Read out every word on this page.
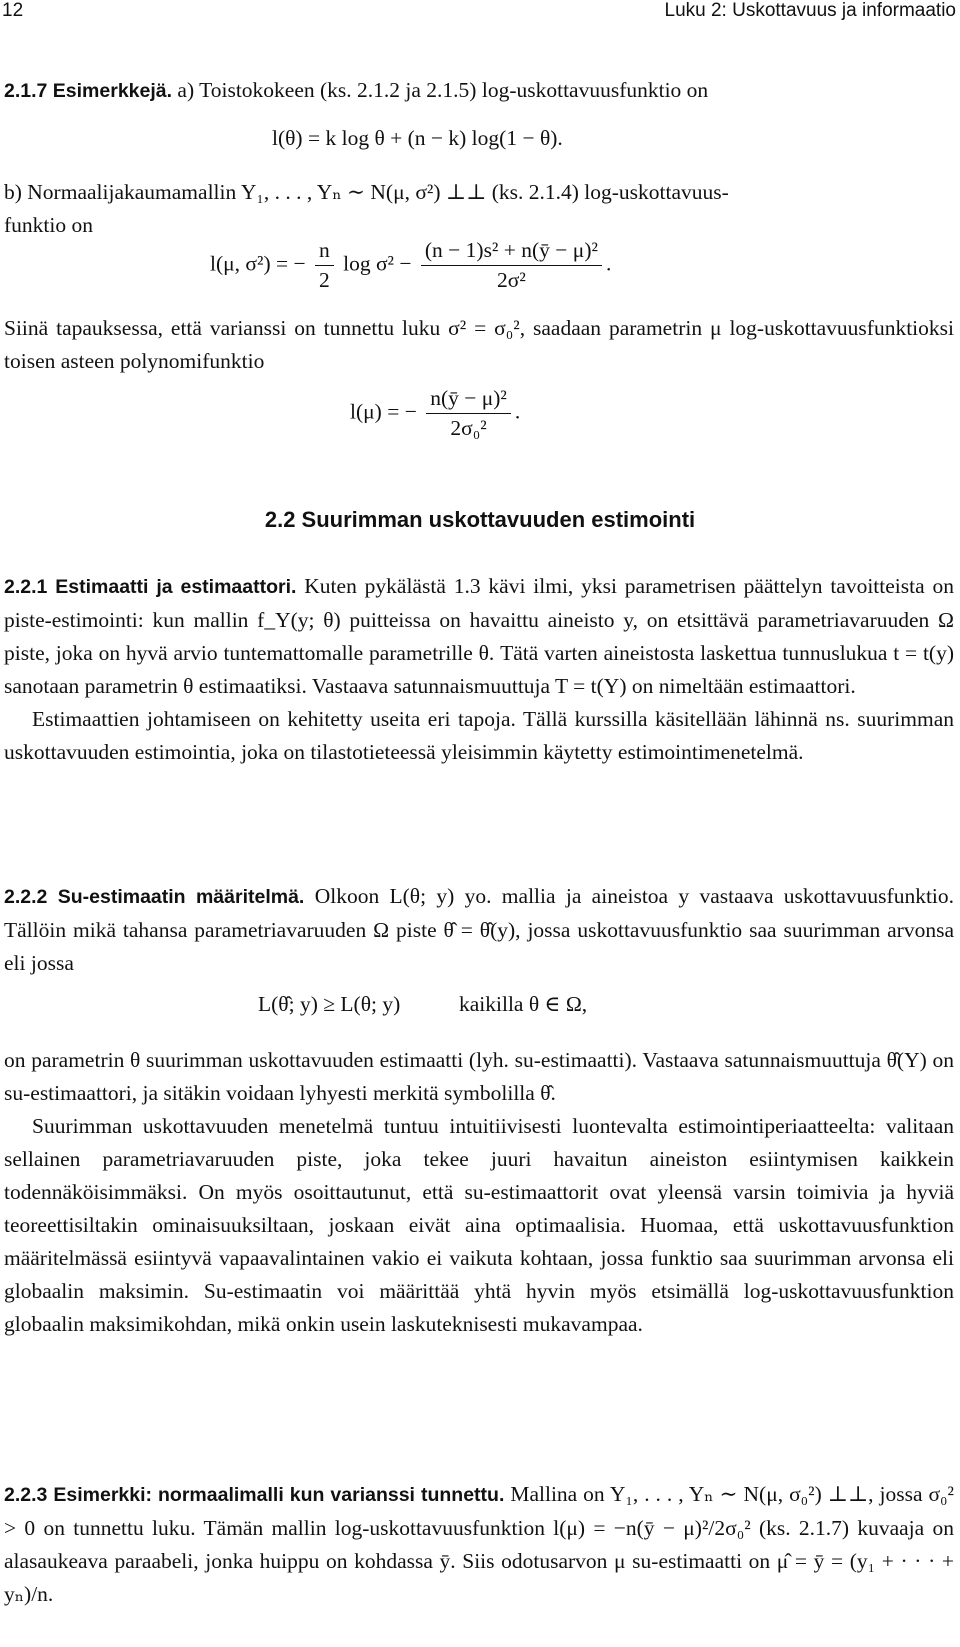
12	Luku 2: Uskottavuus ja informaatio
2.1.7 Esimerkkejä. a) Toistokokeen (ks. 2.1.2 ja 2.1.5) log-uskottavuusfunktio on
l(θ) = k log θ + (n − k) log(1 − θ).
b) Normaalijakaumamallin Y₁, . . . , Yₙ ∼ N(μ, σ²) ⊥⊥ (ks. 2.1.4) log-uskottavuus-
funktio on
l(μ, σ²) = − $\frac{n}{2}$ $\log \sigma^2 - \frac{\text{(n − 1)s² + n(ȳ − μ)²}}{\text{2σ²}}$ .
Siinä tapauksessa, että varianssi on tunnettu luku σ² = σ₀², saadaan parametrin μ log-uskottavuusfunktioksi toisen asteen polynomifunktio
l(μ) = − $\frac{\text{n(ȳ − μ)²}}{\text{2σ₀²}}$ .
2.2 Suurimman uskottavuuden estimointi

2.2.1 Estimaatti ja estimaattori. Kuten pykälästä 1.3 kävi ilmi, yksi parametrisen päättelyn tavoitteista on piste-estimointi: kun mallin f_Y(y; θ) puitteissa on havaittu aineisto y, on etsittävä parametriavaruuden Ω piste, joka on hyvä arvio tuntemattomalle parametrille θ. Tätä varten aineistosta laskettua tunnuslukua t = t(y) sanotaan parametrin θ estimaatiksi. Vastaava satunnaismuuttuja T = t(Y) on nimeltään estimaattori.

Estimaattien johtamiseen on kehitetty useita eri tapoja. Tällä kurssilla käsitellään lähinnä ns. suurimman uskottavuuden estimointia, joka on tilastotieteessä yleisimmin käytetty estimointimenetelmä.

2.2.2 Su-estimaatin määritelmä. Olkoon L(θ; y) yo. mallia ja aineistoa y vastaava uskottavuusfunktio. Tällöin mikä tahansa parametriavaruuden Ω piste θ̂ = θ̂(y), jossa uskottavuusfunktio saa suurimman arvonsa eli jossa

L(θ̂; y) ≥ L(θ; y)	kaikilla θ ∈ Ω,

on parametrin θ suurimman uskottavuuden estimaatti (lyh. su-estimaatti). Vastaava satunnaismuuttuja θ̂(Y) on su-estimaattori, ja sitäkin voidaan lyhyesti merkitä symbolilla θ̂.

Suurimman uskottavuuden menetelmä tuntuu intuitiivisesti luontevalta estimointiperiaatteelta: valitaan sellainen parametriavaruuden piste, joka tekee juuri havaitun aineiston esiintymisen kaikkein todennäköisimmäksi. On myös osoittautunut, että su-estimaattorit ovat yleensä varsin toimivia ja hyviä teoreettisiltakin ominaisuuksiltaan, joskaan eivät aina optimaalisia. Huomaa, että uskottavuusfunktion määritelmässä esiintyvä vapaavalintainen vakio ei vaikuta kohtaan, jossa funktio saa suurimman arvonsa eli globaalin maksimin. Su-estimaatin voi määrittää yhtä hyvin myös etsimällä log-uskottavuusfunktion globaalin maksimikohdan, mikä onkin usein laskuteknisesti mukavampaa.

2.2.3 Esimerkki: normaalimalli kun varianssi tunnettu. Mallina on Y₁, . . . , Yₙ ∼ N(μ, σ₀²) ⊥⊥, jossa σ₀² > 0 on tunnettu luku. Tämän mallin log-uskottavuusfunktion l(μ) = −n(ȳ − μ)²/2σ₀² (ks. 2.1.7) kuvaaja on alasaukeava paraabeli, jonka huippu on kohdassa ȳ. Siis odotusarvon μ su-estimaatti on μ̂ = ȳ = (y₁ + · · · + yₙ)/n.
